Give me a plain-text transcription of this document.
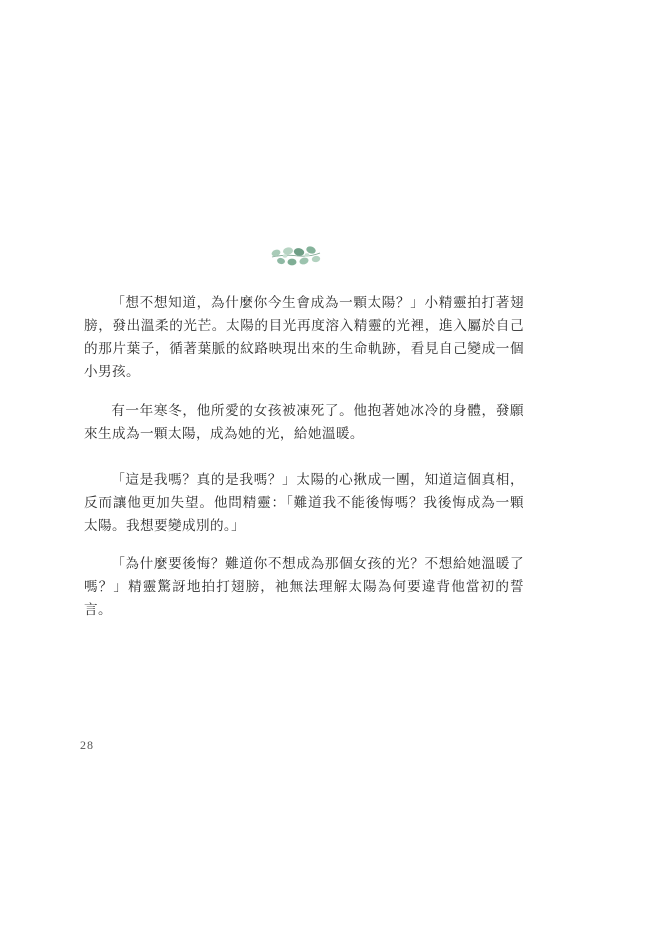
「想不想知道，為什麼你今生會成為一顆太陽？」小精靈拍打著翅膀，發出溫柔的光芒。太陽的目光再度溶入精靈的光裡，進入屬於自己的那片葉子，循著葉脈的紋路映現出來的生命軌跡，看見自己變成一個小男孩。

有一年寒冬，他所愛的女孩被凍死了。他抱著她冰冷的身體，發願來生成為一顆太陽，成為她的光，給她溫暖。

「這是我嗎？真的是我嗎？」太陽的心揪成一團，知道這個真相，反而讓他更加失望。他問精靈：「難道我不能後悔嗎？我後悔成為一顆太陽。我想要變成別的。」

「為什麼要後悔？難道你不想成為那個女孩的光？不想給她溫暖了嗎？」精靈驚訝地拍打翅膀，祂無法理解太陽為何要違背他當初的誓言。

28
